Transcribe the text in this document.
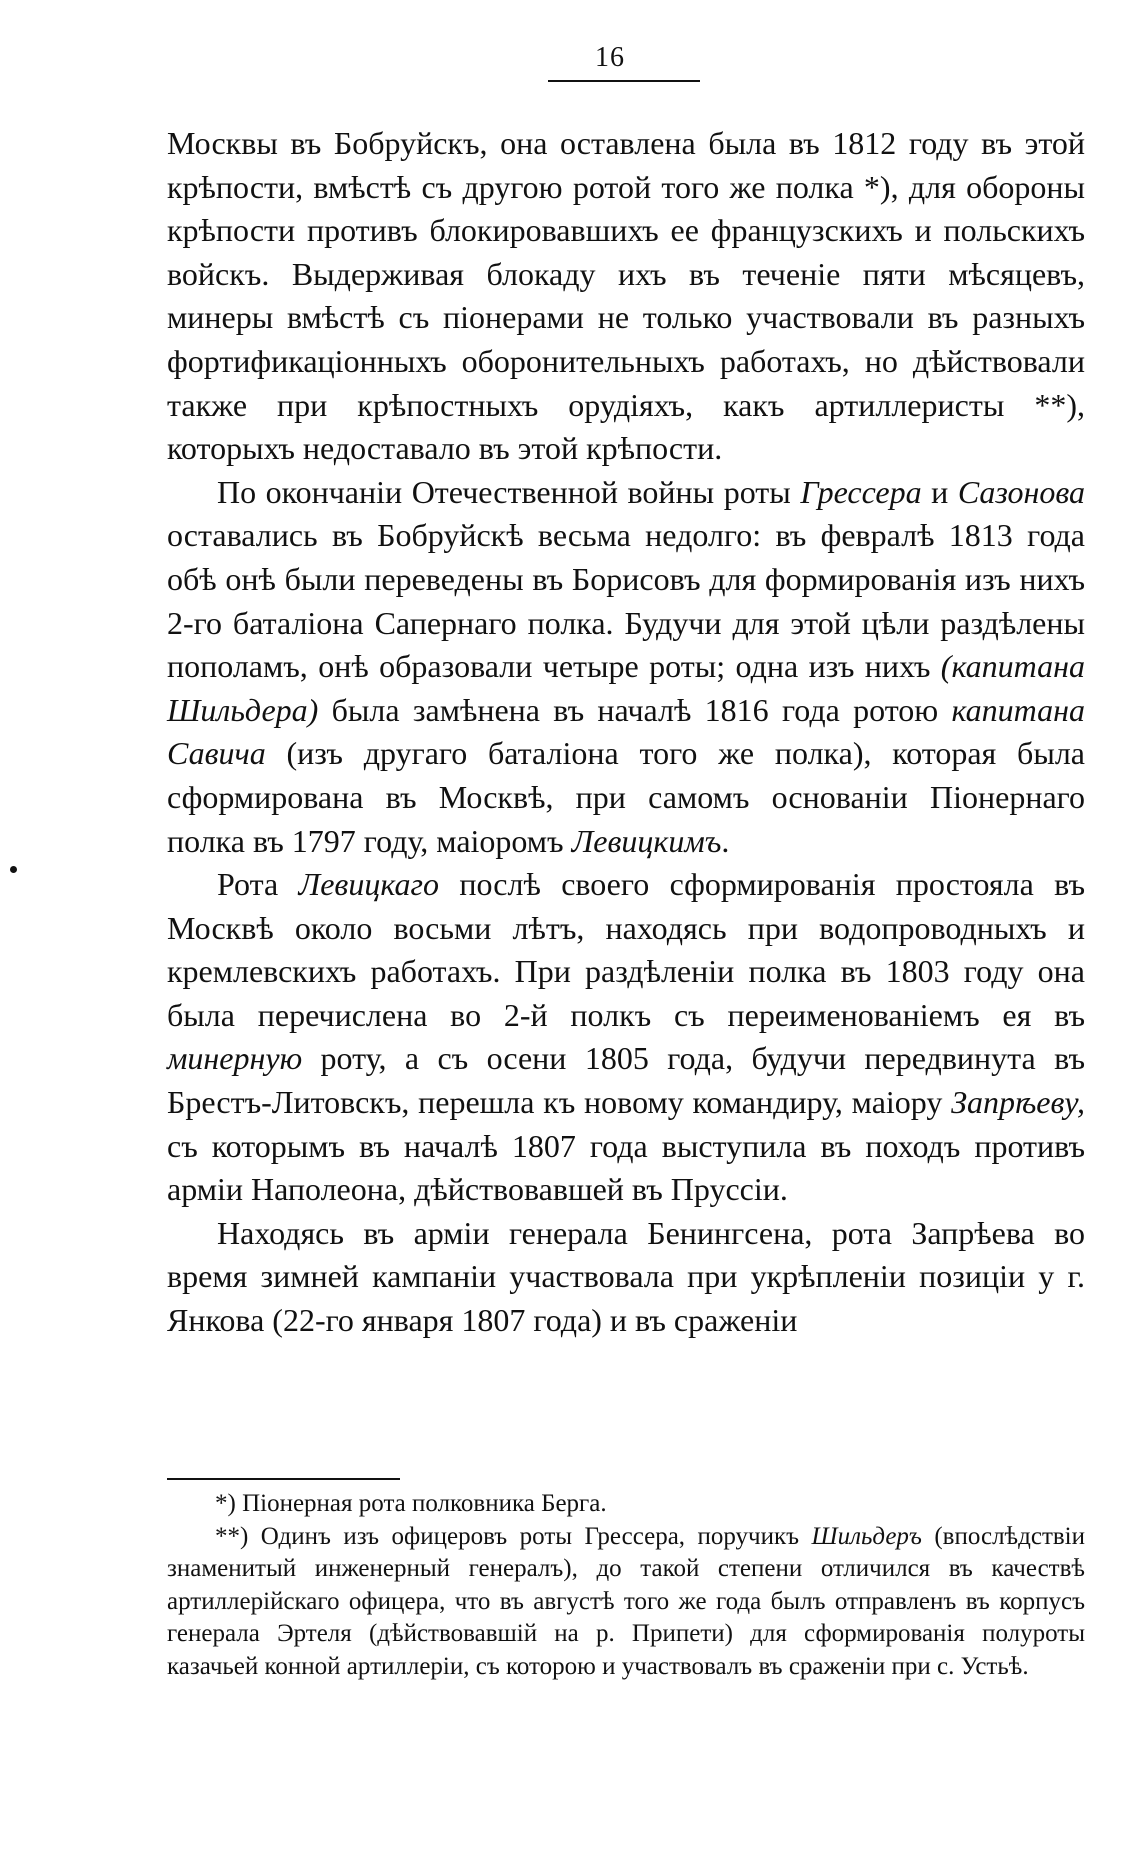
16

Москвы въ Бобруйскъ, она оставлена была въ 1812 году въ этой крѣпости, вмѣстѣ съ другою ротой того же полка *), для обороны крѣпости противъ блокировавшихъ ее французскихъ и польскихъ войскъ. Выдерживая блокаду ихъ въ теченіе пяти мѣсяцевъ, минеры вмѣстѣ съ піонерами не только участвовали въ разныхъ фортификаціонныхъ оборонительныхъ работахъ, но дѣйствовали также при крѣпостныхъ орудіяхъ, какъ артиллеристы **), которыхъ недоставало въ этой крѣпости.

По окончаніи Отечественной войны роты Грессера и Сазонова оставались въ Бобруйскѣ весьма недолго: въ февралѣ 1813 года обѣ онѣ были переведены въ Борисовъ для формированія изъ нихъ 2-го баталіона Сапернаго полка. Будучи для этой цѣли раздѣлены пополамъ, онѣ образовали четыре роты; одна изъ нихъ (капитана Шильдера) была замѣнена въ началѣ 1816 года ротою капитана Савича (изъ другаго баталіона того же полка), которая была сформирована въ Москвѣ, при самомъ основаніи Піонернаго полка въ 1797 году, маіоромъ Левицкимъ.

Рота Левицкаго послѣ своего сформированія простояла въ Москвѣ около восьми лѣтъ, находясь при водопроводныхъ и кремлевскихъ работахъ. При раздѣленіи полка въ 1803 году она была перечислена во 2-й полкъ съ переименованіемъ ея въ минерную роту, а съ осени 1805 года, будучи передвинута въ Брестъ-Литовскъ, перешла къ новому командиру, маіору Запрѣеву, съ которымъ въ началѣ 1807 года выступила въ походъ противъ арміи Наполеона, дѣйствовавшей въ Пруссіи.

Находясь въ арміи генерала Бенингсена, рота Запрѣева во время зимней кампаніи участвовала при укрѣпленіи позиціи у г. Янкова (22-го января 1807 года) и въ сраженіи

*) Піонерная рота полковника Берга.

**) Одинъ изъ офицеровъ роты Грессера, поручикъ Шильдеръ (впослѣдствіи знаменитый инженерный генералъ), до такой степени отличился въ качествѣ артиллерійскаго офицера, что въ августѣ того же года былъ отправленъ въ корпусъ генерала Эртеля (дѣйствовавшій на р. Припети) для сформированія полуроты казачьей конной артиллеріи, съ которою и участвовалъ въ сраженіи при с. Устьѣ.
